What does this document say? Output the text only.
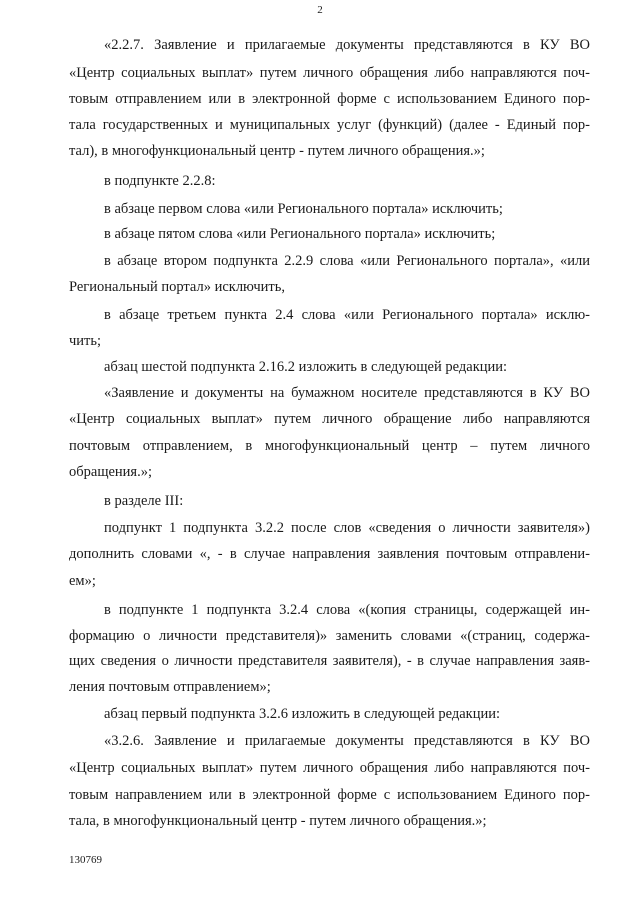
2
«2.2.7. Заявление и прилагаемые документы представляются в КУ ВО
«Центр социальных выплат» путем личного обращения либо направляются поч-
товым отправлением или в электронной форме с использованием Единого пор-
тала государственных и муниципальных услуг (функций) (далее - Единый пор-
тал), в многофункциональный центр - путем личного обращения.»;
в подпункте 2.2.8:
в абзаце первом слова «или Регионального портала» исключить;
в абзаце пятом слова «или Регионального портала» исключить;
в абзаце втором подпункта 2.2.9 слова «или Регионального портала», «или
Региональный портал» исключить,
в абзаце третьем пункта 2.4 слова «или Регионального портала» исклю-
чить;
абзац шестой подпункта 2.16.2 изложить в следующей редакции:
«Заявление и документы на бумажном носителе представляются в КУ ВО
«Центр социальных выплат» путем личного обращение либо направляются
почтовым отправлением, в многофункциональный центр – путем личного
обращения.»;
в разделе III:
подпункт 1 подпункта 3.2.2 после слов «сведения о личности заявителя»)
дополнить словами «, - в случае направления заявления почтовым отправлени-
ем»;
в подпункте 1 подпункта 3.2.4 слова «(копия страницы, содержащей ин-
формацию о личности представителя)» заменить словами «(страниц, содержа-
щих сведения о личности представителя заявителя), - в случае направления заяв-
ления почтовым отправлением»;
абзац первый подпункта 3.2.6 изложить в следующей редакции:
«3.2.6. Заявление и прилагаемые документы представляются в КУ ВО
«Центр социальных выплат» путем личного обращения либо направляются поч-
товым направлением или в электронной форме с использованием Единого пор-
тала, в многофункциональный центр - путем личного обращения.»;
130769
